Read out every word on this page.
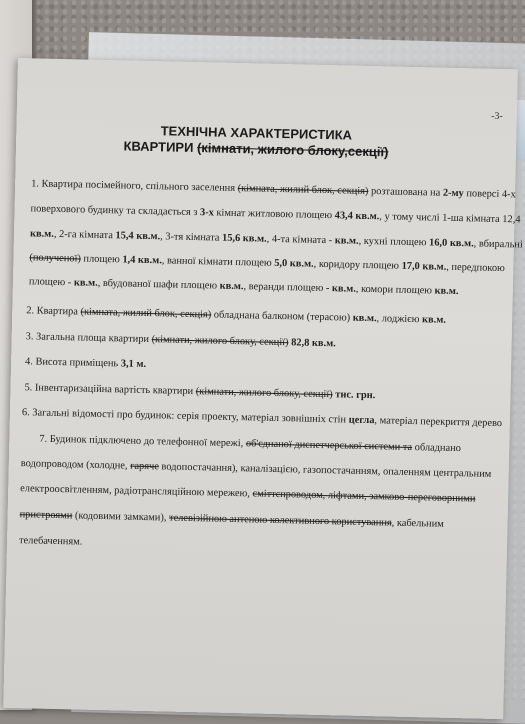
-3-
ТЕХНІЧНА ХАРАКТЕРИСТИКА
КВАРТИРИ (кімнати, жилого блоку,секції)
1. Квартира посімейного, спільного заселення (кімната, жилий блок, секція) розташована на 2-му поверсі 4-х
поверхового будинку та складається з 3-х кімнат житловою площею 43,4 кв.м., у тому числі 1-ша кімната 12,4
кв.м., 2-га кімната 15,4 кв.м., 3-тя кімната 15,6 кв.м., 4-та кімната - кв.м., кухні площею 16,0 кв.м., вбиральні
(полученої) площею 1,4 кв.м., ванної кімнати площею 5,0 кв.м., коридору площею 17,0 кв.м., передпокою
площею - кв.м., вбудованої шафи площею кв.м., веранди площею - кв.м., комори площею кв.м.
2. Квартира (кімната, жилий блок, секція) обладнана балконом (терасою) кв.м., лоджією кв.м.
3. Загальна площа квартири (кімнати, жилого блоку, секції) 82,8 кв.м.
4. Висота приміщень 3,1 м.
5. Інвентаризаційна вартість квартири (кімнати, жилого блоку, секції) тис. грн.
6. Загальні відомості про будинок: серія проекту, матеріал зовнішніх стін цегла, матеріал перекриття дерево
7. Будинок підключено до телефонної мережі, об'єднаної диспетчерської системи та обладнано
водопроводом (холодне, гаряче водопостачання), каналізацією, газопостачанням, опаленням центральним
електроосвітленням, радіотрансляційною мережею, сміттєпроводом, ліфтами, замково-переговорними
пристроями (кодовими замками), телевізійною антеною колективного користування, кабельним
телебаченням.
